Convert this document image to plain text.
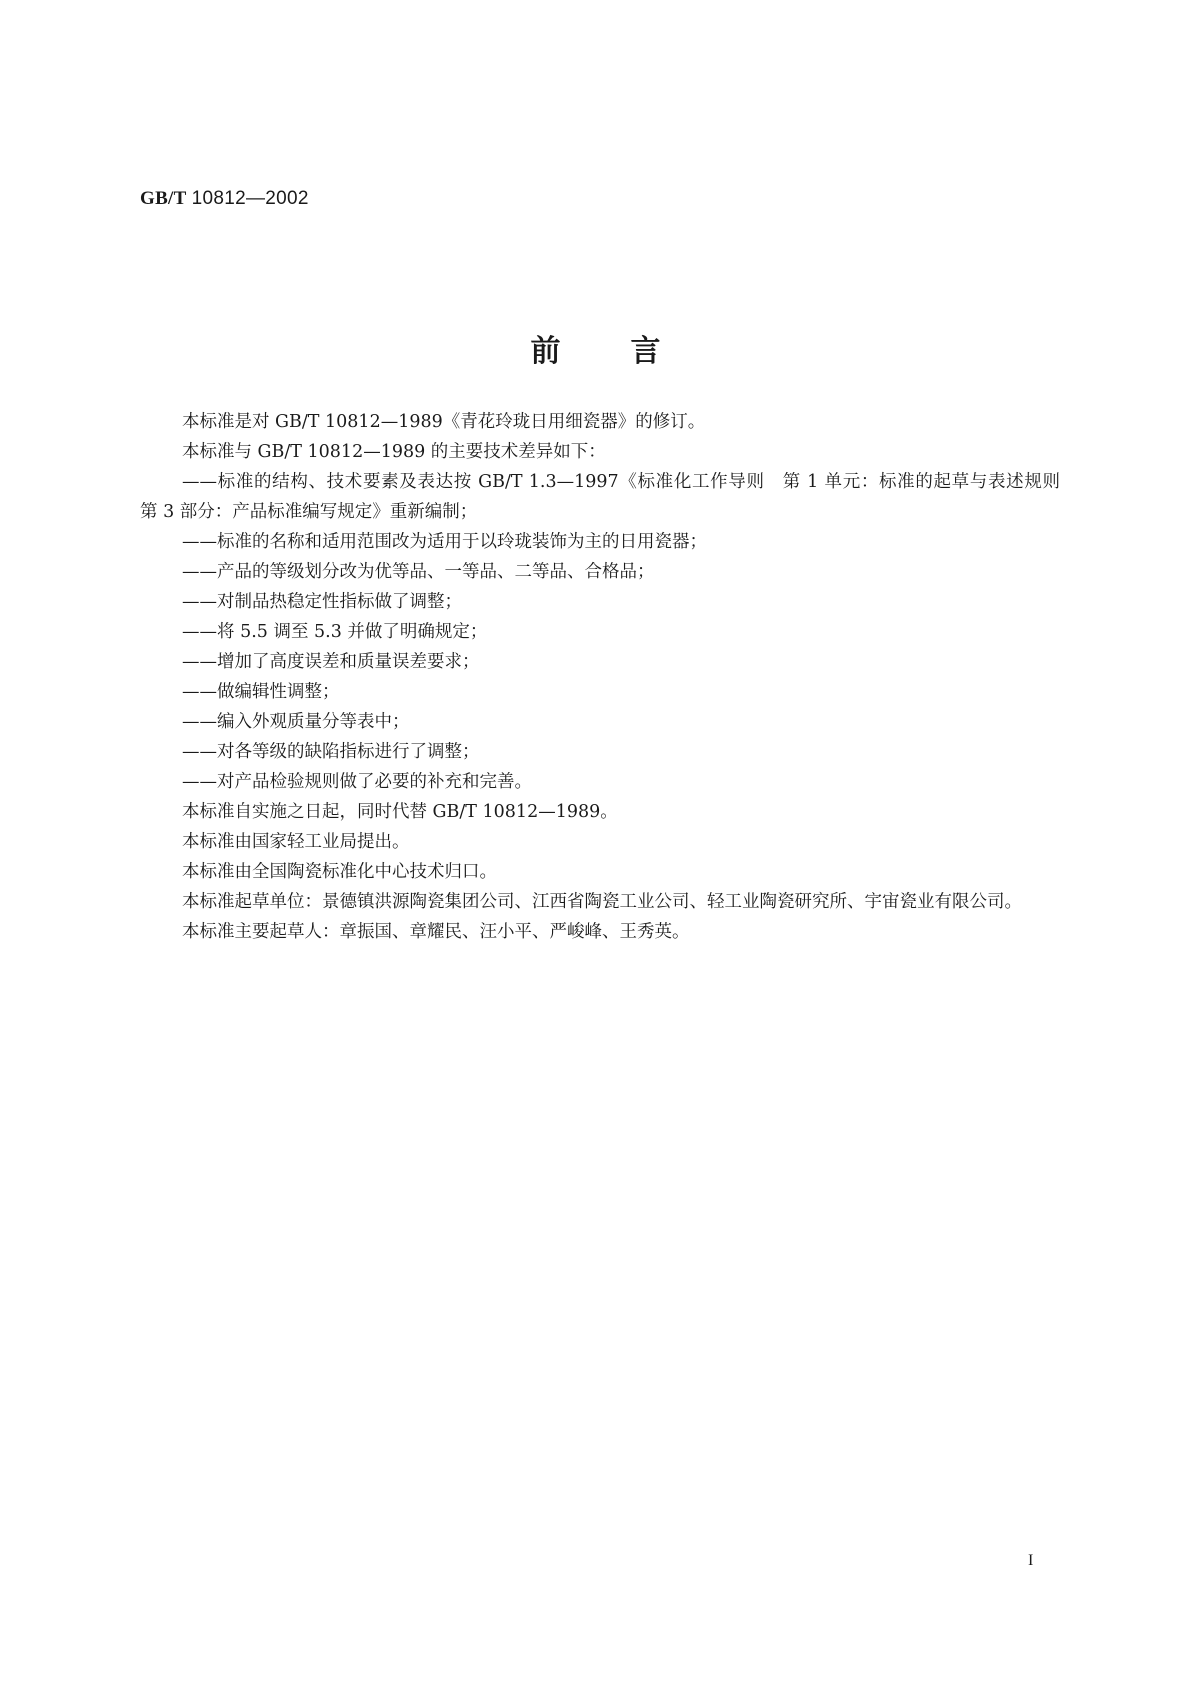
GB/T 10812—2002
前言

本标准是对 GB/T 10812—1989《青花玲珑日用细瓷器》的修订。

本标准与 GB/T 10812—1989 的主要技术差异如下：

——标准的结构、技术要素及表达按 GB/T 1.3—1997《标准化工作导则　第 1 单元：标准的起草与表述规则　第 3 部分：产品标准编写规定》重新编制；

——标准的名称和适用范围改为适用于以玲珑装饰为主的日用瓷器；

——产品的等级划分改为优等品、一等品、二等品、合格品；

——对制品热稳定性指标做了调整；

——将 5.5 调至 5.3 并做了明确规定；

——增加了高度误差和质量误差要求；

——做编辑性调整；

——编入外观质量分等表中；

——对各等级的缺陷指标进行了调整；

——对产品检验规则做了必要的补充和完善。

本标准自实施之日起，同时代替 GB/T 10812—1989。

本标准由国家轻工业局提出。

本标准由全国陶瓷标准化中心技术归口。

本标准起草单位：景德镇洪源陶瓷集团公司、江西省陶瓷工业公司、轻工业陶瓷研究所、宇宙瓷业有限公司。

本标准主要起草人：章振国、章耀民、汪小平、严峻峰、王秀英。

I
